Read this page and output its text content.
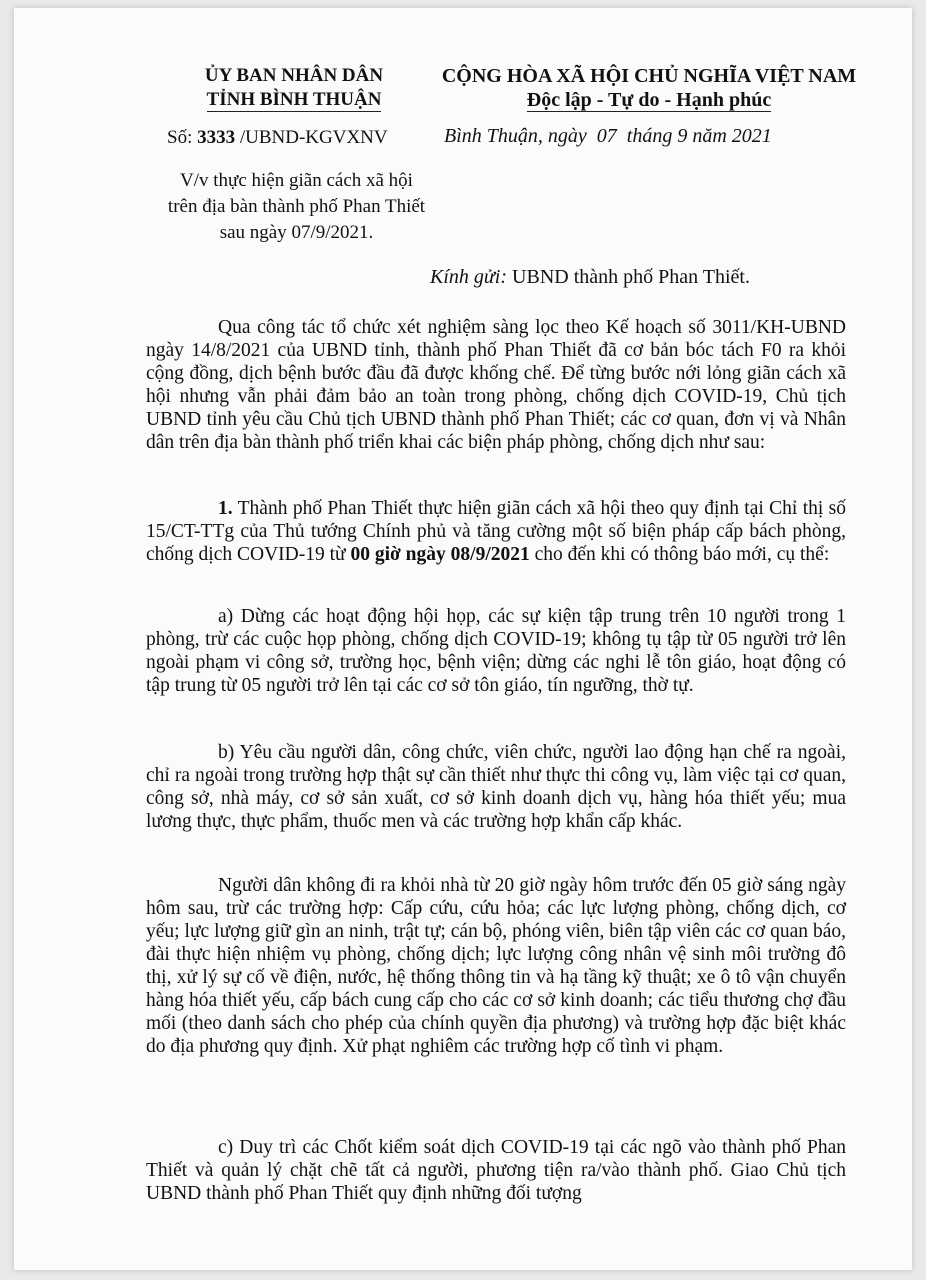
ỦY BAN NHÂN DÂN
TỈNH BÌNH THUẬN
CỘNG HÒA XÃ HỘI CHỦ NGHĨA VIỆT NAM
Độc lập - Tự do - Hạnh phúc
Số: 3333 /UBND-KGVXNV	Bình Thuận, ngày  07  tháng 9 năm 2021
V/v thực hiện giãn cách xã hội trên địa bàn thành phố Phan Thiết sau ngày 07/9/2021.
Kính gửi: UBND thành phố Phan Thiết.
Qua công tác tổ chức xét nghiệm sàng lọc theo Kế hoạch số 3011/KH-UBND ngày 14/8/2021 của UBND tỉnh, thành phố Phan Thiết đã cơ bản bóc tách F0 ra khỏi cộng đồng, dịch bệnh bước đầu đã được khống chế. Để từng bước nới lỏng giãn cách xã hội nhưng vẫn phải đảm bảo an toàn trong phòng, chống dịch COVID-19, Chủ tịch UBND tỉnh yêu cầu Chủ tịch UBND thành phố Phan Thiết; các cơ quan, đơn vị và Nhân dân trên địa bàn thành phố triển khai các biện pháp phòng, chống dịch như sau:
1. Thành phố Phan Thiết thực hiện giãn cách xã hội theo quy định tại Chỉ thị số 15/CT-TTg của Thủ tướng Chính phủ và tăng cường một số biện pháp cấp bách phòng, chống dịch COVID-19 từ 00 giờ ngày 08/9/2021 cho đến khi có thông báo mới, cụ thể:
a) Dừng các hoạt động hội họp, các sự kiện tập trung trên 10 người trong 1 phòng, trừ các cuộc họp phòng, chống dịch COVID-19; không tụ tập từ 05 người trở lên ngoài phạm vi công sở, trường học, bệnh viện; dừng các nghi lễ tôn giáo, hoạt động có tập trung từ 05 người trở lên tại các cơ sở tôn giáo, tín ngưỡng, thờ tự.
b) Yêu cầu người dân, công chức, viên chức, người lao động hạn chế ra ngoài, chỉ ra ngoài trong trường hợp thật sự cần thiết như thực thi công vụ, làm việc tại cơ quan, công sở, nhà máy, cơ sở sản xuất, cơ sở kinh doanh dịch vụ, hàng hóa thiết yếu; mua lương thực, thực phẩm, thuốc men và các trường hợp khẩn cấp khác.
Người dân không đi ra khỏi nhà từ 20 giờ ngày hôm trước đến 05 giờ sáng ngày hôm sau, trừ các trường hợp: Cấp cứu, cứu hỏa; các lực lượng phòng, chống dịch, cơ yếu; lực lượng giữ gìn an ninh, trật tự; cán bộ, phóng viên, biên tập viên các cơ quan báo, đài thực hiện nhiệm vụ phòng, chống dịch; lực lượng công nhân vệ sinh môi trường đô thị, xử lý sự cố về điện, nước, hệ thống thông tin và hạ tầng kỹ thuật; xe ô tô vận chuyển hàng hóa thiết yếu, cấp bách cung cấp cho các cơ sở kinh doanh; các tiểu thương chợ đầu mối (theo danh sách cho phép của chính quyền địa phương) và trường hợp đặc biệt khác do địa phương quy định. Xử phạt nghiêm các trường hợp cố tình vi phạm.
c) Duy trì các Chốt kiểm soát dịch COVID-19 tại các ngõ vào thành phố Phan Thiết và quản lý chặt chẽ tất cả người, phương tiện ra/vào thành phố. Giao Chủ tịch UBND thành phố Phan Thiết quy định những đối tượng
